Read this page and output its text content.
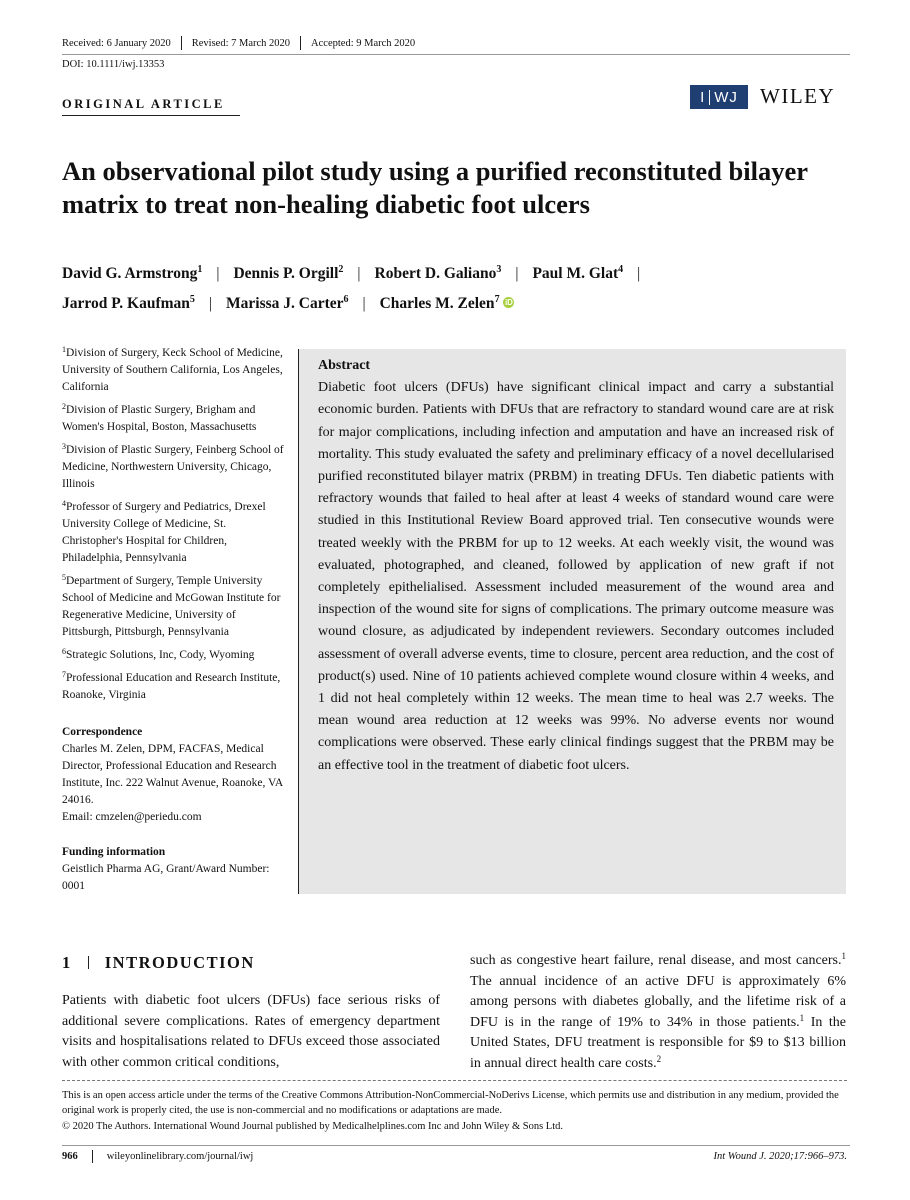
Received: 6 January 2020 Revised: 7 March 2020 Accepted: 9 March 2020
DOI: 10.1111/iwj.13353
ORIGINAL ARTICLE	I WJ WILEY
An observational pilot study using a purified reconstituted bilayer matrix to treat non-healing diabetic foot ulcers
David G. Armstrong$^1$ | Dennis P. Orgill$^2$ | Robert D. Galiano$^3$ | Paul M. Glat$^4$ |
Jarrod P. Kaufman$^5$ | Marissa J. Carter$^6$ | Charles M. Zelen$^7$ iD

$^1$Division of Surgery, Keck School of Medicine, University of Southern California, Los Angeles, California

$^2$Division of Plastic Surgery, Brigham and Women's Hospital, Boston, Massachusetts

$^3$Division of Plastic Surgery, Feinberg School of Medicine, Northwestern University, Chicago, Illinois

$^4$Professor of Surgery and Pediatrics, Drexel University College of Medicine, St. Christopher's Hospital for Children, Philadelphia, Pennsylvania

$^5$Department of Surgery, Temple University School of Medicine and McGowan Institute for Regenerative Medicine, University of Pittsburgh, Pittsburgh, Pennsylvania

$^6$Strategic Solutions, Inc, Cody, Wyoming

$^7$Professional Education and Research Institute, Roanoke, Virginia

Correspondence

Charles M. Zelen, DPM, FACFAS, Medical Director, Professional Education and Research Institute, Inc. 222 Walnut Avenue, Roanoke, VA 24016.

Email: cmzelen@periedu.com

Funding information

Geistlich Pharma AG, Grant/Award Number: 0001

Abstract
Diabetic foot ulcers (DFUs) have significant clinical impact and carry a substantial economic burden. Patients with DFUs that are refractory to standard wound care are at risk for major complications, including infection and amputation and have an increased risk of mortality. This study evaluated the safety and preliminary efficacy of a novel decellularised purified reconstituted bilayer matrix (PRBM) in treating DFUs. Ten diabetic patients with refractory wounds that failed to heal after at least 4 weeks of standard wound care were studied in this Institutional Review Board approved trial. Ten consecutive wounds were treated weekly with the PRBM for up to 12 weeks. At each weekly visit, the wound was evaluated, photographed, and cleaned, followed by application of new graft if not completely epithelialised. Assessment included measurement of the wound area and inspection of the wound site for signs of complications. The primary outcome measure was wound closure, as adjudicated by independent reviewers. Secondary outcomes included assessment of overall adverse events, time to closure, percent area reduction, and the cost of product(s) used. Nine of 10 patients achieved complete wound closure within 4 weeks, and 1 did not heal completely within 12 weeks. The mean time to heal was 2.7 weeks. The mean wound area reduction at 12 weeks was 99%. No adverse events nor wound complications were observed. These early clinical findings suggest that the PRBM may be an effective tool in the treatment of diabetic foot ulcers.
1 INTRODUCTION
Patients with diabetic foot ulcers (DFUs) face serious risks of additional severe complications. Rates of emergency department visits and hospitalisations related to DFUs exceed those associated with other common critical conditions,
such as congestive heart failure, renal disease, and most cancers.$^1$ The annual incidence of an active DFU is approximately 6% among persons with diabetes globally, and the lifetime risk of a DFU is in the range of 19% to 34% in those patients.$^1$ In the United States, DFU treatment is responsible for $9 to $13 billion in annual direct health care costs.$^2$
This is an open access article under the terms of the Creative Commons Attribution-NonCommercial-NoDerivs License, which permits use and distribution in any medium, provided the original work is properly cited, the use is non-commercial and no modifications or adaptations are made.
© 2020 The Authors. International Wound Journal published by Medicalhelplines.com Inc and John Wiley & Sons Ltd.
966	wileyonlinelibrary.com/journal/iwj	Int Wound J. 2020;17:966–973.
